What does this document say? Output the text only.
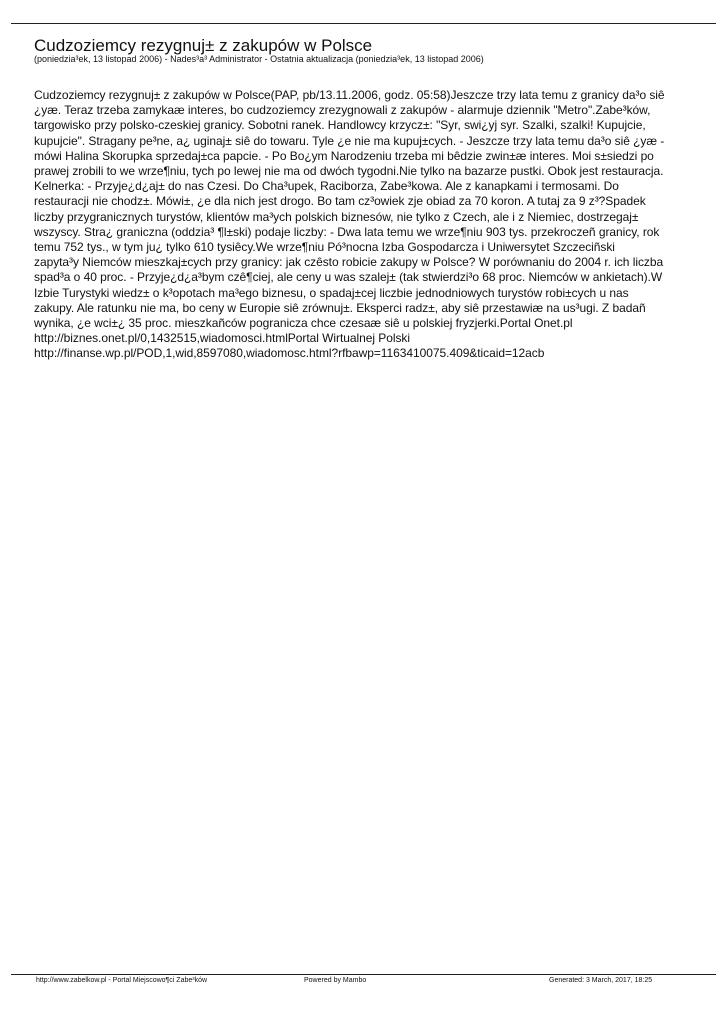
Cudzoziemcy rezygnuj± z zakupów w Polsce
(poniedzia³ek, 13 listopad 2006) - Nades³a³ Administrator - Ostatnia aktualizacja (poniedzia³ek, 13 listopad 2006)
Cudzoziemcy rezygnuj± z zakupów w Polsce(PAP, pb/13.11.2006, godz. 05:58)Jeszcze trzy lata temu z granicy da³o siê
¿yæ. Teraz trzeba zamykaæ interes, bo cudzoziemcy zrezygnowali z zakupów - alarmuje dziennik "Metro".Zabe³ków,
targowisko przy polsko-czeskiej granicy. Sobotni ranek. Handlowcy krzycz±: "Syr, swi¿yj syr. Szalki, szalki! Kupujcie,
kupujcie". Stragany pe³ne, a¿ uginaj± siê do towaru. Tyle ¿e nie ma kupuj±cych. - Jeszcze trzy lata temu da³o siê ¿yæ -
mówi Halina Skorupka sprzedaj±ca papcie. - Po Bo¿ym Narodzeniu trzeba mi bêdzie zwin±æ interes. Moi s±siedzi po
prawej zrobili to we wrze¶niu, tych po lewej nie ma od dwóch tygodni.Nie tylko na bazarze pustki. Obok jest restauracja.
Kelnerka: - Przyje¿d¿aj± do nas Czesi. Do Cha³upek, Raciborza, Zabe³kowa. Ale z kanapkami i termosami. Do
restauracji nie chodz±. Mówi±, ¿e dla nich jest drogo. Bo tam cz³owiek zje obiad za 70 koron. A tutaj za 9 z³?Spadek
liczby przygranicznych turystów, klientów ma³ych polskich biznesów, nie tylko z Czech, ale i z Niemiec, dostrzegaj±
wszyscy. Stra¿ graniczna (oddzia³ ¶l±ski) podaje liczby: - Dwa lata temu we wrze¶niu 903 tys. przekroczeñ granicy, rok
temu 752 tys., w tym ju¿ tylko 610 tysiêcy.We wrze¶niu Pó³nocna Izba Gospodarcza i Uniwersytet Szczeciñski
zapyta³y Niemców mieszkaj±cych przy granicy: jak czêsto robicie zakupy w Polsce? W porównaniu do 2004 r. ich liczba
spad³a o 40 proc. - Przyje¿d¿a³bym czê¶ciej, ale ceny u was szalej± (tak stwierdzi³o 68 proc. Niemców w ankietach).W
Izbie Turystyki wiedz± o k³opotach ma³ego biznesu, o spadaj±cej liczbie jednodniowych turystów robi±cych u nas
zakupy. Ale ratunku nie ma, bo ceny w Europie siê zrównuj±. Eksperci radz±, aby siê przestawiæ na us³ugi. Z badañ
wynika, ¿e wci±¿ 35 proc. mieszkañców pogranicza chce czesaæ siê u polskiej fryzjerki.Portal Onet.pl
http://biznes.onet.pl/0,1432515,wiadomosci.htmlPortal Wirtualnej Polski
http://finanse.wp.pl/POD,1,wid,8597080,wiadomosc.html?rfbawp=1163410075.409&ticaid=12acb
http://www.zabelkow.pl - Portal Miejscowo¶ci Zabe³ków	Powered by Mambo	Generated: 3 March, 2017, 18:25
